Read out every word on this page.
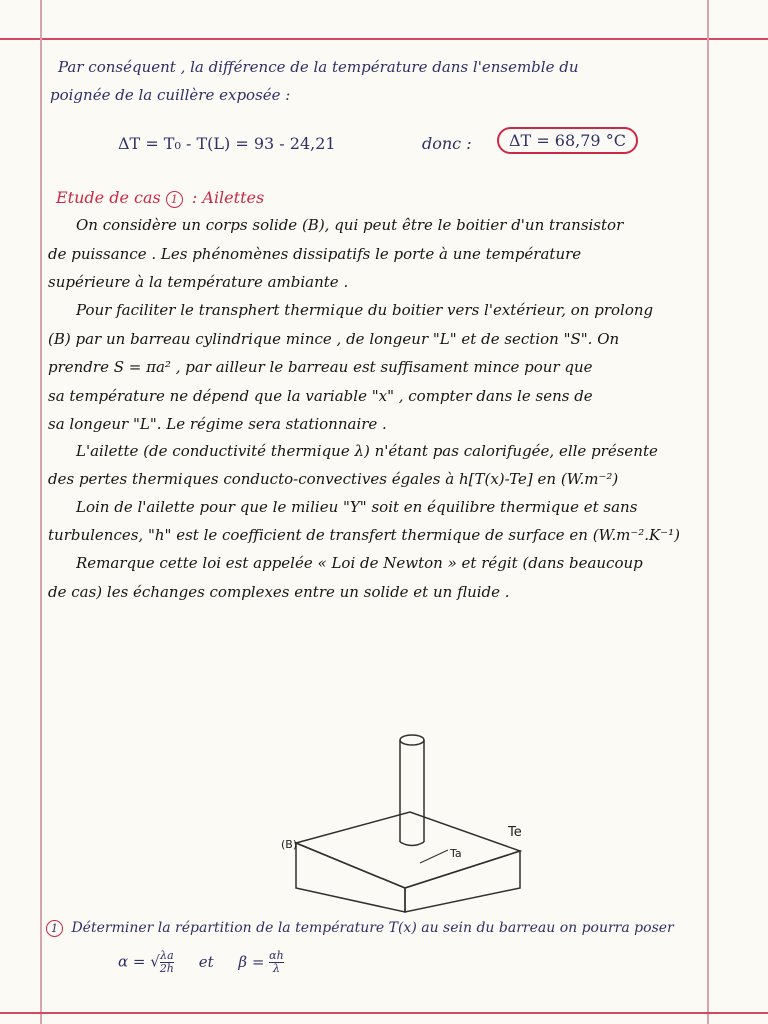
Par conséquent , la différence de la température dans l'ensemble du
poignée de la cuillère exposée :
ΔT = T₀ - T(L) = 93 - 24,21	donc :	ΔT = 68,79 °C
Etude de cas 1 : Ailettes
On considère un corps solide (B), qui peut être le boitier d'un transistor
de puissance . Les phénomènes dissipatifs le porte à une température
supérieure à la température ambiante .
Pour faciliter le transphert thermique du boitier vers l'extérieur, on prolong
(B) par un barreau cylindrique mince , de longeur "L" et de section "S". On
prendre S = πa² , par ailleur le barreau est suffisament mince pour que
sa température ne dépend que la variable "x" , compter dans le sens de
sa longeur "L". Le régime sera stationnaire .
L'ailette (de conductivité thermique λ) n'étant pas calorifugée, elle présente
des pertes thermiques conducto-convectives égales à h[T(x)-Te] en (W.m⁻²)
Loin de l'ailette pour que le milieu "Y" soit en équilibre thermique et sans
turbulences, "h" est le coefficient de transfert thermique de surface en (W.m⁻².K⁻¹)
Remarque cette loi est appelée « Loi de Newton » et régit (dans beaucoup
de cas) les échanges complexes entre un solide et un fluide .
(B)
Te
Ta
1 Déterminer la répartition de la température T(x) au sein du barreau on pourra poser
α = √ $\frac{\lambda a}{2h}$ et $\beta = \frac{\alpha h}{\lambda}$
